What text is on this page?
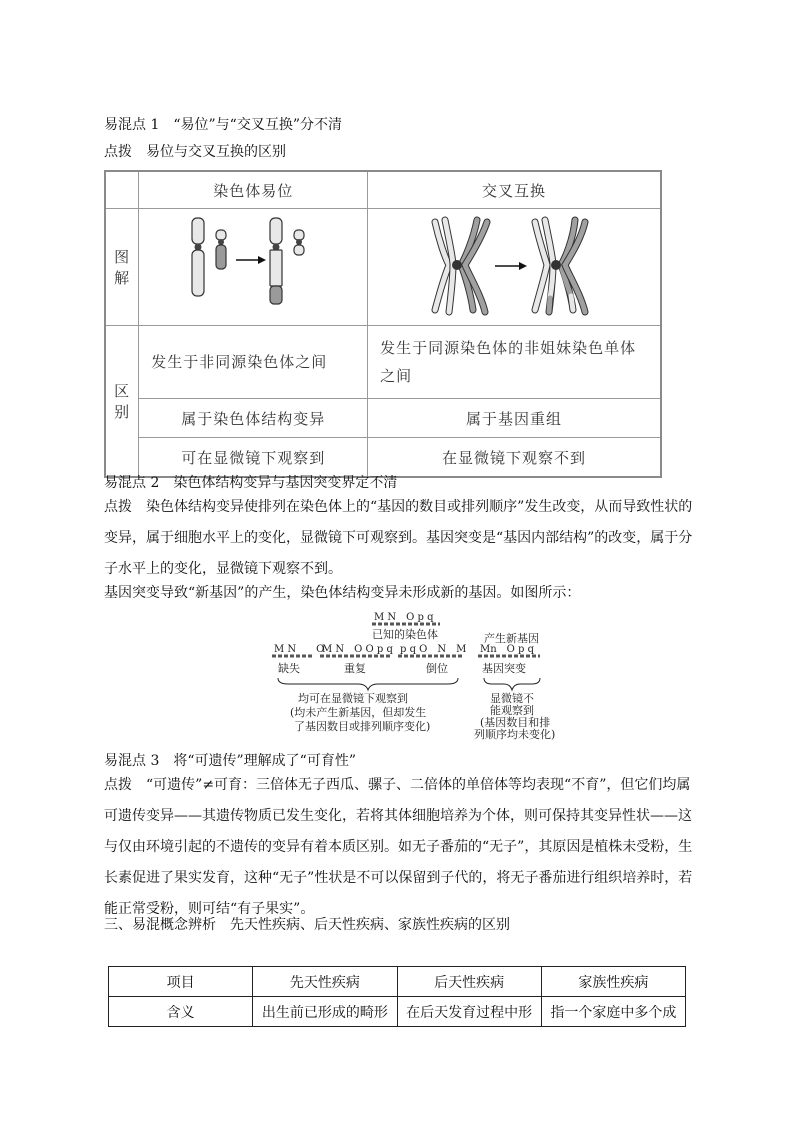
易混点 1　“易位”与“交叉互换”分不清
点拨　易位与交叉互换的区别
	染色体易位	交叉互换
图解		
区别	发生于非同源染色体之间	发生于同源染色体的非姐妹染色单体之间
	属于染色体结构变异	属于基因重组
	可在显微镜下观察到	在显微镜下观察不到
易混点 2　染色体结构变异与基因突变界定不清
点拨　染色体结构变异使排列在染色体上的“基因的数目或排列顺序”发生改变，从而导致性状的变异，属于细胞水平上的变化，显微镜下可观察到。基因突变是“基因内部结构”的改变，属于分子水平上的变化，显微镜下观察不到。
基因突变导致“新基因”的产生，染色体结构变异未形成新的基因。如图所示：
M N　O p q
已知的染色体	产生新基因
M N　　O
M N　O O p q p q O　N　M Mn　O p q
缺失	重复	倒位	基因突变
均可在显微镜下观察到
(均未产生新基因，但却发生
了基因数目或排列顺序变化)
显微镜不
能观察到
(基因数目和排
列顺序均未变化)
易混点 3　将“可遗传”理解成了“可育性”
点拨　“可遗传”≠可育：三倍体无子西瓜、骡子、二倍体的单倍体等均表现“不育”，但它们均属可遗传变异——其遗传物质已发生变化，若将其体细胞培养为个体，则可保持其变异性状——这与仅由环境引起的不遗传的变异有着本质区别。如无子番茄的“无子”，其原因是植株未受粉，生长素促进了果实发育，这种“无子”性状是不可以保留到子代的，将无子番茄进行组织培养时，若能正常受粉，则可结“有子果实”。
三、易混概念辨析　先天性疾病、后天性疾病、家族性疾病的区别
项目	先天性疾病	后天性疾病	家族性疾病
含义	出生前已形成的畸形	在后天发育过程中形	指一个家庭中多个成
